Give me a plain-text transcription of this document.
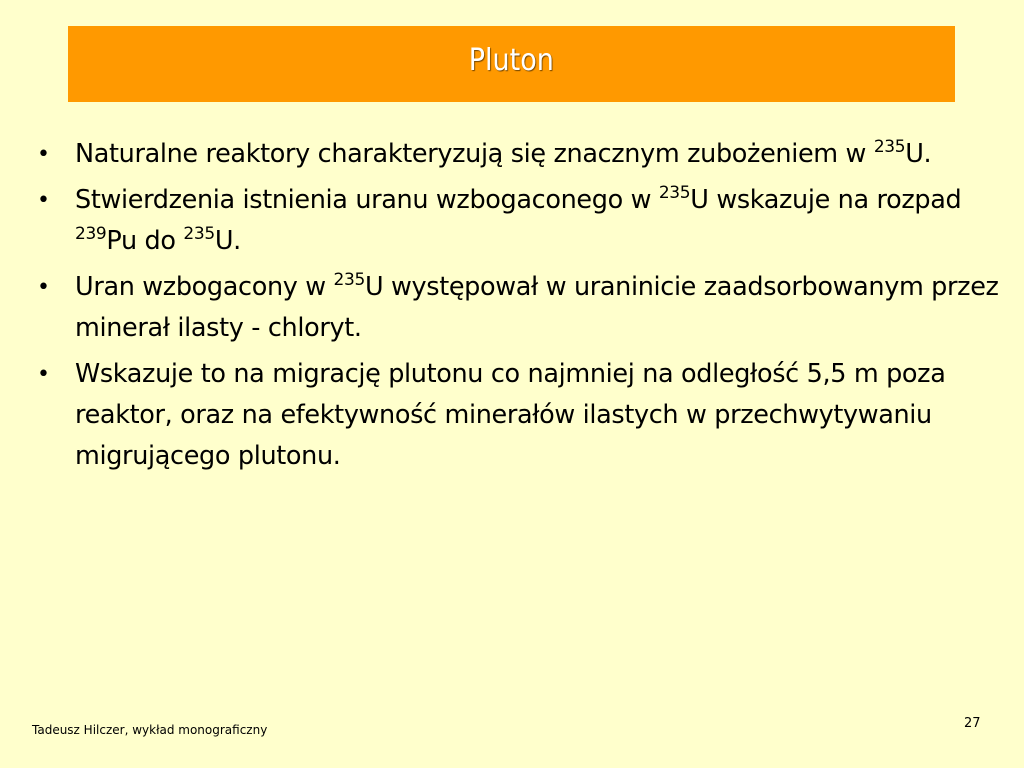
Pluton
• Naturalne reaktory charakteryzują się znacznym zubożeniem w $^{235}$U.
• Stwierdzenia istnienia uranu wzbogaconego w $^{235}$U wskazuje na rozpad $^{239}$Pu do $^{235}$U.
• Uran wzbogacony w $^{235}$U występował w uraninicie zaadsorbowanym przez minerał ilasty - chloryt.
• Wskazuje to na migrację plutonu co najmniej na odległość 5,5 m poza reaktor, oraz na efektywność minerałów ilastych w przechwytywaniu migrującego plutonu.
Tadeusz Hilczer, wykład monograficzny	27
